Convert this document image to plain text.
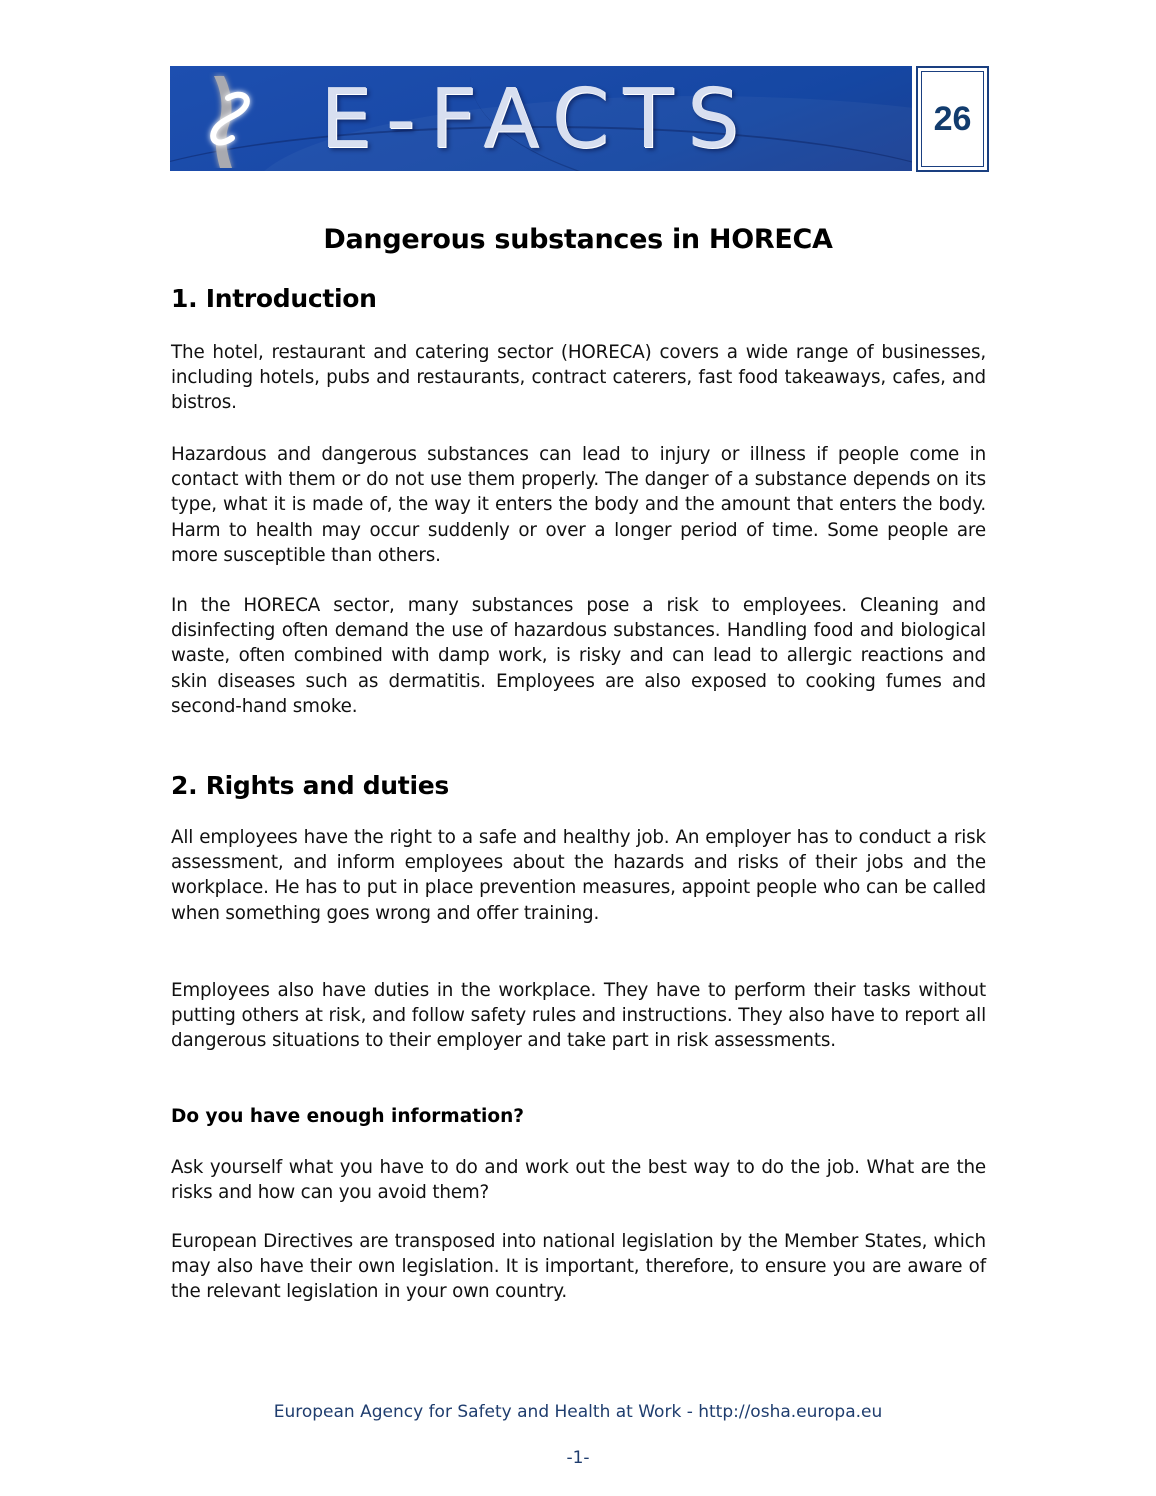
E-FACTS	26
Dangerous substances in HORECA
1. Introduction
The hotel, restaurant and catering sector (HORECA) covers a wide range of businesses, including hotels, pubs and restaurants, contract caterers, fast food takeaways, cafes, and bistros.
Hazardous and dangerous substances can lead to injury or illness if people come in contact with them or do not use them properly. The danger of a substance depends on its type, what it is made of, the way it enters the body and the amount that enters the body. Harm to health may occur suddenly or over a longer period of time. Some people are more susceptible than others.
In the HORECA sector, many substances pose a risk to employees. Cleaning and disinfecting often demand the use of hazardous substances. Handling food and biological waste, often combined with damp work, is risky and can lead to allergic reactions and skin diseases such as dermatitis. Employees are also exposed to cooking fumes and second-hand smoke.
2. Rights and duties
All employees have the right to a safe and healthy job. An employer has to conduct a risk assessment, and inform employees about the hazards and risks of their jobs and the workplace. He has to put in place prevention measures, appoint people who can be called when something goes wrong and offer training.
Employees also have duties in the workplace. They have to perform their tasks without putting others at risk, and follow safety rules and instructions. They also have to report all dangerous situations to their employer and take part in risk assessments.
Do you have enough information?
Ask yourself what you have to do and work out the best way to do the job. What are the risks and how can you avoid them?
European Directives are transposed into national legislation by the Member States, which may also have their own legislation. It is important, therefore, to ensure you are aware of the relevant legislation in your own country.
European Agency for Safety and Health at Work - http://osha.europa.eu
-1-
